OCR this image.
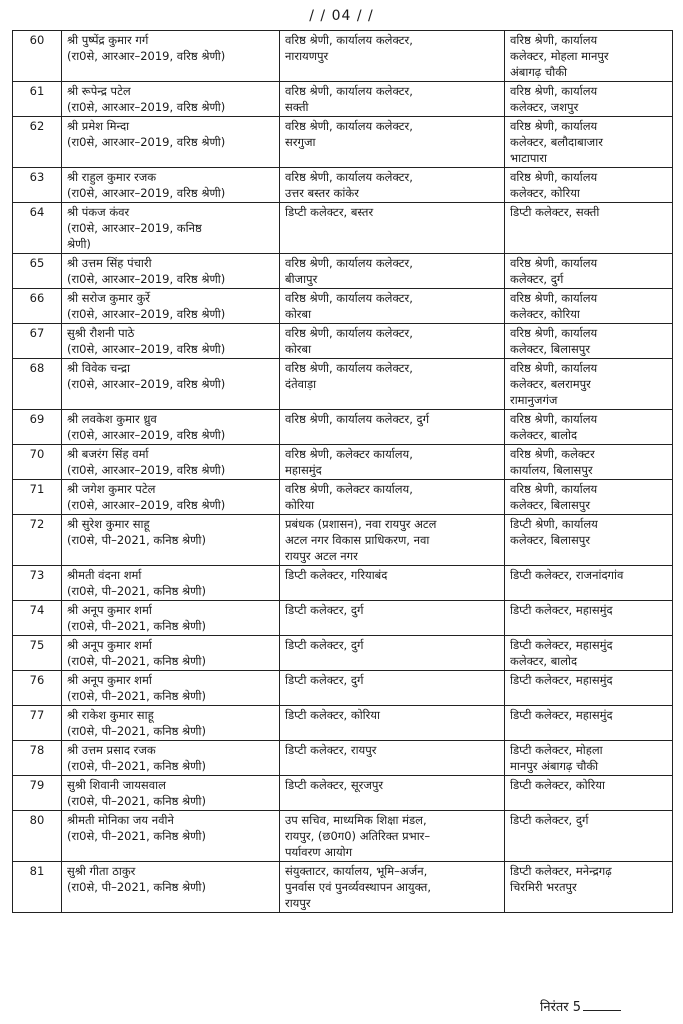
/ / 04 / /
60	श्री पुष्पेंद्र कुमार गर्ग
(रा0से, आरआर–2019, वरिष्ठ श्रेणी)	वरिष्ठ श्रेणी, कार्यालय कलेक्टर,
नारायणपुर	वरिष्ठ श्रेणी, कार्यालय
कलेक्टर, मोहला मानपुर
अंबागढ़ चौकी

61	श्री रूपेन्द्र पटेल
(रा0से, आरआर–2019, वरिष्ठ श्रेणी)	वरिष्ठ श्रेणी, कार्यालय कलेक्टर,
सक्ती	वरिष्ठ श्रेणी, कार्यालय
कलेक्टर, जशपुर

62	श्री प्रमेश मिन्दा
(रा0से, आरआर–2019, वरिष्ठ श्रेणी)	वरिष्ठ श्रेणी, कार्यालय कलेक्टर,
सरगुजा	वरिष्ठ श्रेणी, कार्यालय
कलेक्टर, बलौदाबाजार
भाटापारा

63	श्री राहुल कुमार रजक
(रा0से, आरआर–2019, वरिष्ठ श्रेणी)	वरिष्ठ श्रेणी, कार्यालय कलेक्टर,
उत्तर बस्तर कांकेर	वरिष्ठ श्रेणी, कार्यालय
कलेक्टर, कोरिया

64	श्री पंकज कंवर
(रा0से, आरआर–2019, कनिष्ठ
श्रेणी)	डिप्टी कलेक्टर, बस्तर	डिप्टी कलेक्टर, सक्ती

65	श्री उत्तम सिंह पंचारी
(रा0से, आरआर–2019, वरिष्ठ श्रेणी)	वरिष्ठ श्रेणी, कार्यालय कलेक्टर,
बीजापुर	वरिष्ठ श्रेणी, कार्यालय
कलेक्टर, दुर्ग

66	श्री सरोज कुमार कुर्रे
(रा0से, आरआर–2019, वरिष्ठ श्रेणी)	वरिष्ठ श्रेणी, कार्यालय कलेक्टर,
कोरबा	वरिष्ठ श्रेणी, कार्यालय
कलेक्टर, कोरिया

67	सुश्री रौशनी पाठे
(रा0से, आरआर–2019, वरिष्ठ श्रेणी)	वरिष्ठ श्रेणी, कार्यालय कलेक्टर,
कोरबा	वरिष्ठ श्रेणी, कार्यालय
कलेक्टर, बिलासपुर

68	श्री विवेक चन्द्रा
(रा0से, आरआर–2019, वरिष्ठ श्रेणी)	वरिष्ठ श्रेणी, कार्यालय कलेक्टर,
दंतेवाड़ा	वरिष्ठ श्रेणी, कार्यालय
कलेक्टर, बलरामपुर
रामानुजगंज

69	श्री लवकेश कुमार ध्रुव
(रा0से, आरआर–2019, वरिष्ठ श्रेणी)	वरिष्ठ श्रेणी, कार्यालय कलेक्टर, दुर्ग	वरिष्ठ श्रेणी, कार्यालय
कलेक्टर, बालोद

70	श्री बजरंग सिंह वर्मा
(रा0से, आरआर–2019, वरिष्ठ श्रेणी)	वरिष्ठ श्रेणी, कलेक्टर कार्यालय,
महासमुंद	वरिष्ठ श्रेणी, कलेक्टर
कार्यालय, बिलासपुर

71	श्री जगेश कुमार पटेल
(रा0से, आरआर–2019, वरिष्ठ श्रेणी)	वरिष्ठ श्रेणी, कलेक्टर कार्यालय,
कोरिया	वरिष्ठ श्रेणी, कार्यालय
कलेक्टर, बिलासपुर

72	श्री सुरेश कुमार साहू
(रा0से, पी–2021, कनिष्ठ श्रेणी)	प्रबंधक (प्रशासन), नवा रायपुर अटल
अटल नगर विकास प्राधिकरण, नवा
रायपुर अटल नगर	डिप्टी श्रेणी, कार्यालय
कलेक्टर, बिलासपुर

73	श्रीमती वंदना शर्मा
(रा0से, पी–2021, कनिष्ठ श्रेणी)	डिप्टी कलेक्टर, गरियाबंद	डिप्टी कलेक्टर, राजनांदगांव

74	श्री अनूप कुमार शर्मा
(रा0से, पी–2021, कनिष्ठ श्रेणी)	डिप्टी कलेक्टर, दुर्ग	डिप्टी कलेक्टर, महासमुंद

75	श्री अनूप कुमार शर्मा
(रा0से, पी–2021, कनिष्ठ श्रेणी)	डिप्टी कलेक्टर, दुर्ग	डिप्टी कलेक्टर, महासमुंद
कलेक्टर, बालोद

76	श्री अनूप कुमार शर्मा
(रा0से, पी–2021, कनिष्ठ श्रेणी)	डिप्टी कलेक्टर, दुर्ग	डिप्टी कलेक्टर, महासमुंद

77	श्री राकेश कुमार साहू
(रा0से, पी–2021, कनिष्ठ श्रेणी)	डिप्टी कलेक्टर, कोरिया	डिप्टी कलेक्टर, महासमुंद

78	श्री उत्तम प्रसाद रजक
(रा0से, पी–2021, कनिष्ठ श्रेणी)	डिप्टी कलेक्टर, रायपुर	डिप्टी कलेक्टर, मोहला
मानपुर अंबागढ़ चौकी

79	सुश्री शिवानी जायसवाल
(रा0से, पी–2021, कनिष्ठ श्रेणी)	डिप्टी कलेक्टर, सूरजपुर	डिप्टी कलेक्टर, कोरिया

80	श्रीमती मोनिका जय नवीने
(रा0से, पी–2021, कनिष्ठ श्रेणी)	उप सचिव, माध्यमिक शिक्षा मंडल,
रायपुर, (छ0ग0) अतिरिक्त प्रभार–
पर्यावरण आयोग	डिप्टी कलेक्टर, दुर्ग

81	सुश्री गीता ठाकुर
(रा0से, पी–2021, कनिष्ठ श्रेणी)	संयुक्ताटर, कार्यालय, भूमि–अर्जन,
पुनर्वास एवं पुनर्व्यवस्थापन आयुक्त,
रायपुर	डिप्टी कलेक्टर, मनेन्द्रगढ़
चिरमिरी भरतपुर
निरंतर 5
